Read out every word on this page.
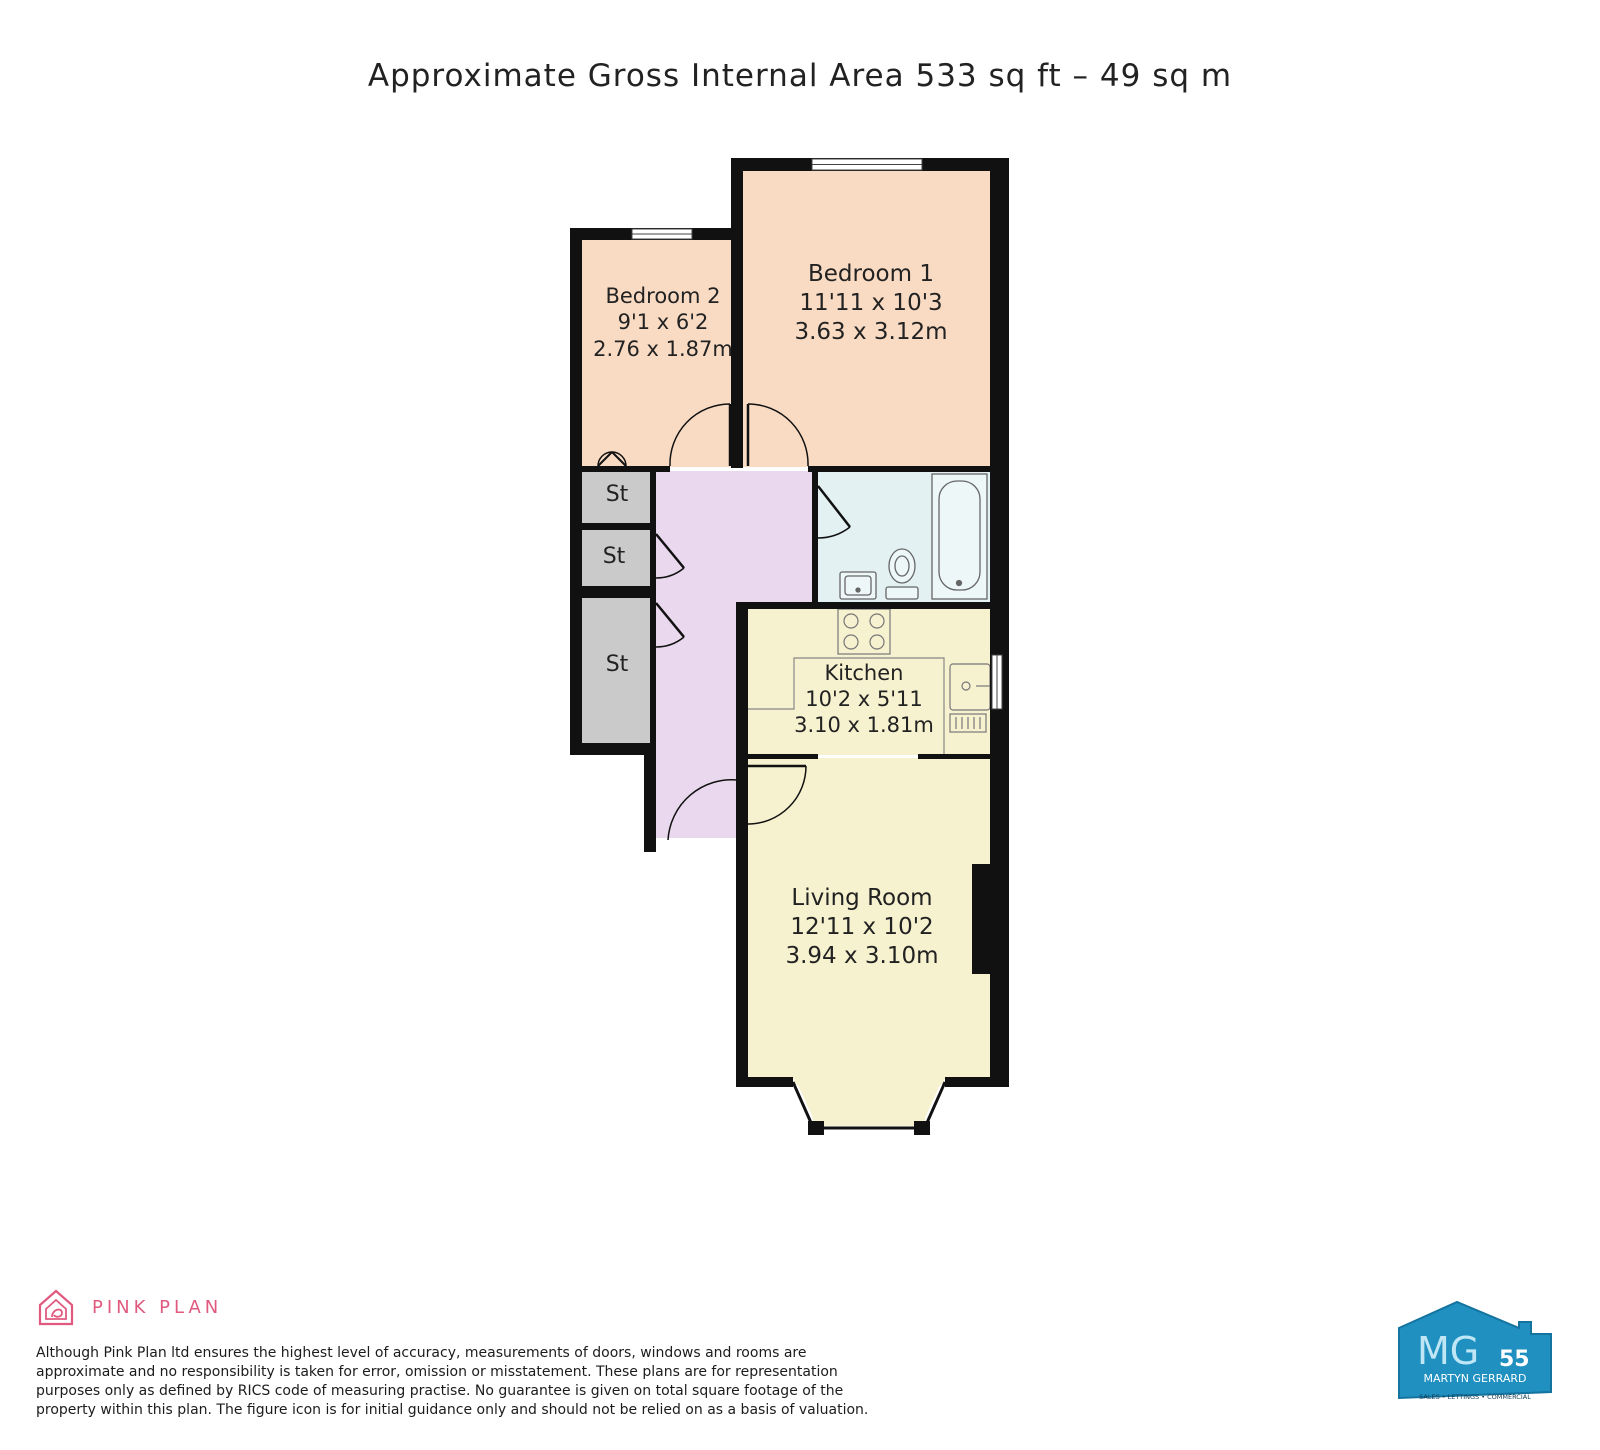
Approximate Gross Internal Area 533 sq ft – 49 sq m
Bedroom 1
11'11 x 10'3
3.63 x 3.12m
Bedroom 2
9'1 x 6'2
2.76 x 1.87m
St
St
St	Kitchen
10'2 x 5'11
3.10 x 1.81m
Living Room
12'11 x 10'2
3.94 x 3.10m
PINK PLAN
Although Pink Plan ltd ensures the highest level of accuracy, measurements of doors, windows and rooms are approximate and no responsibility is taken for error, omission or misstatement. These plans are for representation purposes only as defined by RICS code of measuring practise. No guarantee is given on total square footage of the property within this plan. The figure icon is for initial guidance only and should not be relied on as a basis of valuation.
MG 55
MARTYN GERRARD
SALES • LETTINGS • COMMERCIAL
